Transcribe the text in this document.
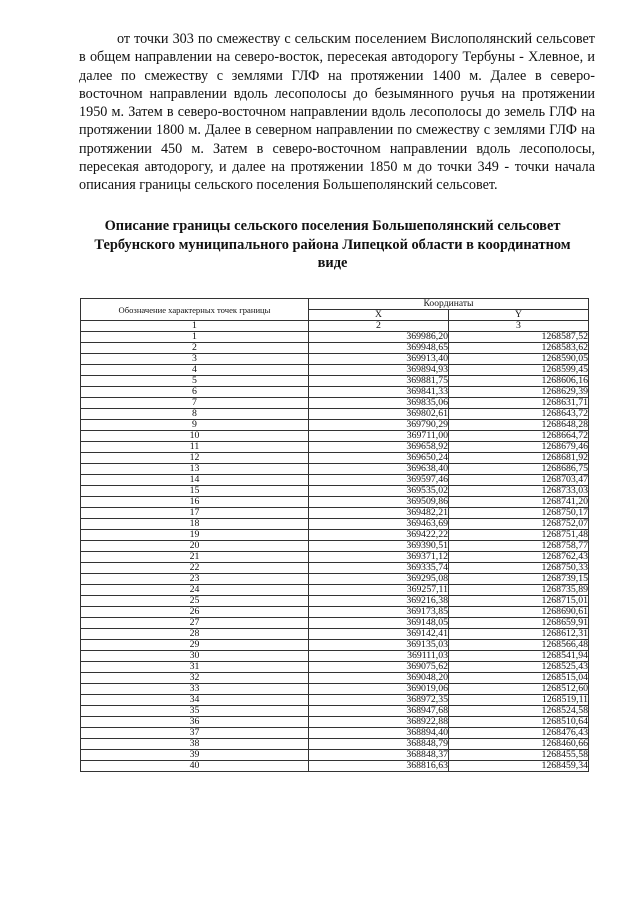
от точки 303 по смежеству с сельским поселением Вислополянский сельсовет в общем направлении на северо-восток, пересекая автодорогу Тербуны - Хлевное, и далее по смежеству с землями ГЛФ на протяжении 1400 м. Далее в северо-восточном направлении вдоль лесополосы до безымянного ручья на протяжении 1950 м. Затем в северо-восточном направлении вдоль лесополосы до земель ГЛФ на протяжении 1800 м. Далее в северном направлении по смежеству с землями ГЛФ на протяжении 450 м. Затем в северо-восточном направлении вдоль лесополосы, пересекая автодорогу, и далее на протяжении 1850 м до точки 349 - точки начала описания границы сельского поселения Большеполянский сельсовет.

Описание границы сельского поселения Большеполянский сельсовет
Тербунского муниципального района Липецкой области в координатном
виде
Обозначение характерных точек границы	Координаты	
	X	Y
1	2	3
1	369986,20	1268587,52
2	369948,65	1268583,62
3	369913,40	1268590,05
4	369894,93	1268599,45
5	369881,75	1268606,16
6	369841,33	1268629,39
7	369835,06	1268631,71
8	369802,61	1268643,72
9	369790,29	1268648,28
10	369711,00	1268664,72
11	369658,92	1268679,46
12	369650,24	1268681,92
13	369638,40	1268686,75
14	369597,46	1268703,47
15	369535,02	1268733,03
16	369509,86	1268741,20
17	369482,21	1268750,17
18	369463,69	1268752,07
19	369422,22	1268751,48
20	369390,51	1268758,77
21	369371,12	1268762,43
22	369335,74	1268750,33
23	369295,08	1268739,15
24	369257,11	1268735,89
25	369216,38	1268715,01
26	369173,85	1268690,61
27	369148,05	1268659,91
28	369142,41	1268612,31
29	369135,03	1268566,48
30	369111,03	1268541,94
31	369075,62	1268525,43
32	369048,20	1268515,04
33	369019,06	1268512,60
34	368972,35	1268519,11
35	368947,68	1268524,58
36	368922,88	1268510,64
37	368894,40	1268476,43
38	368848,79	1268460,66
39	368848,37	1268455,58
40	368816,63	1268459,34
